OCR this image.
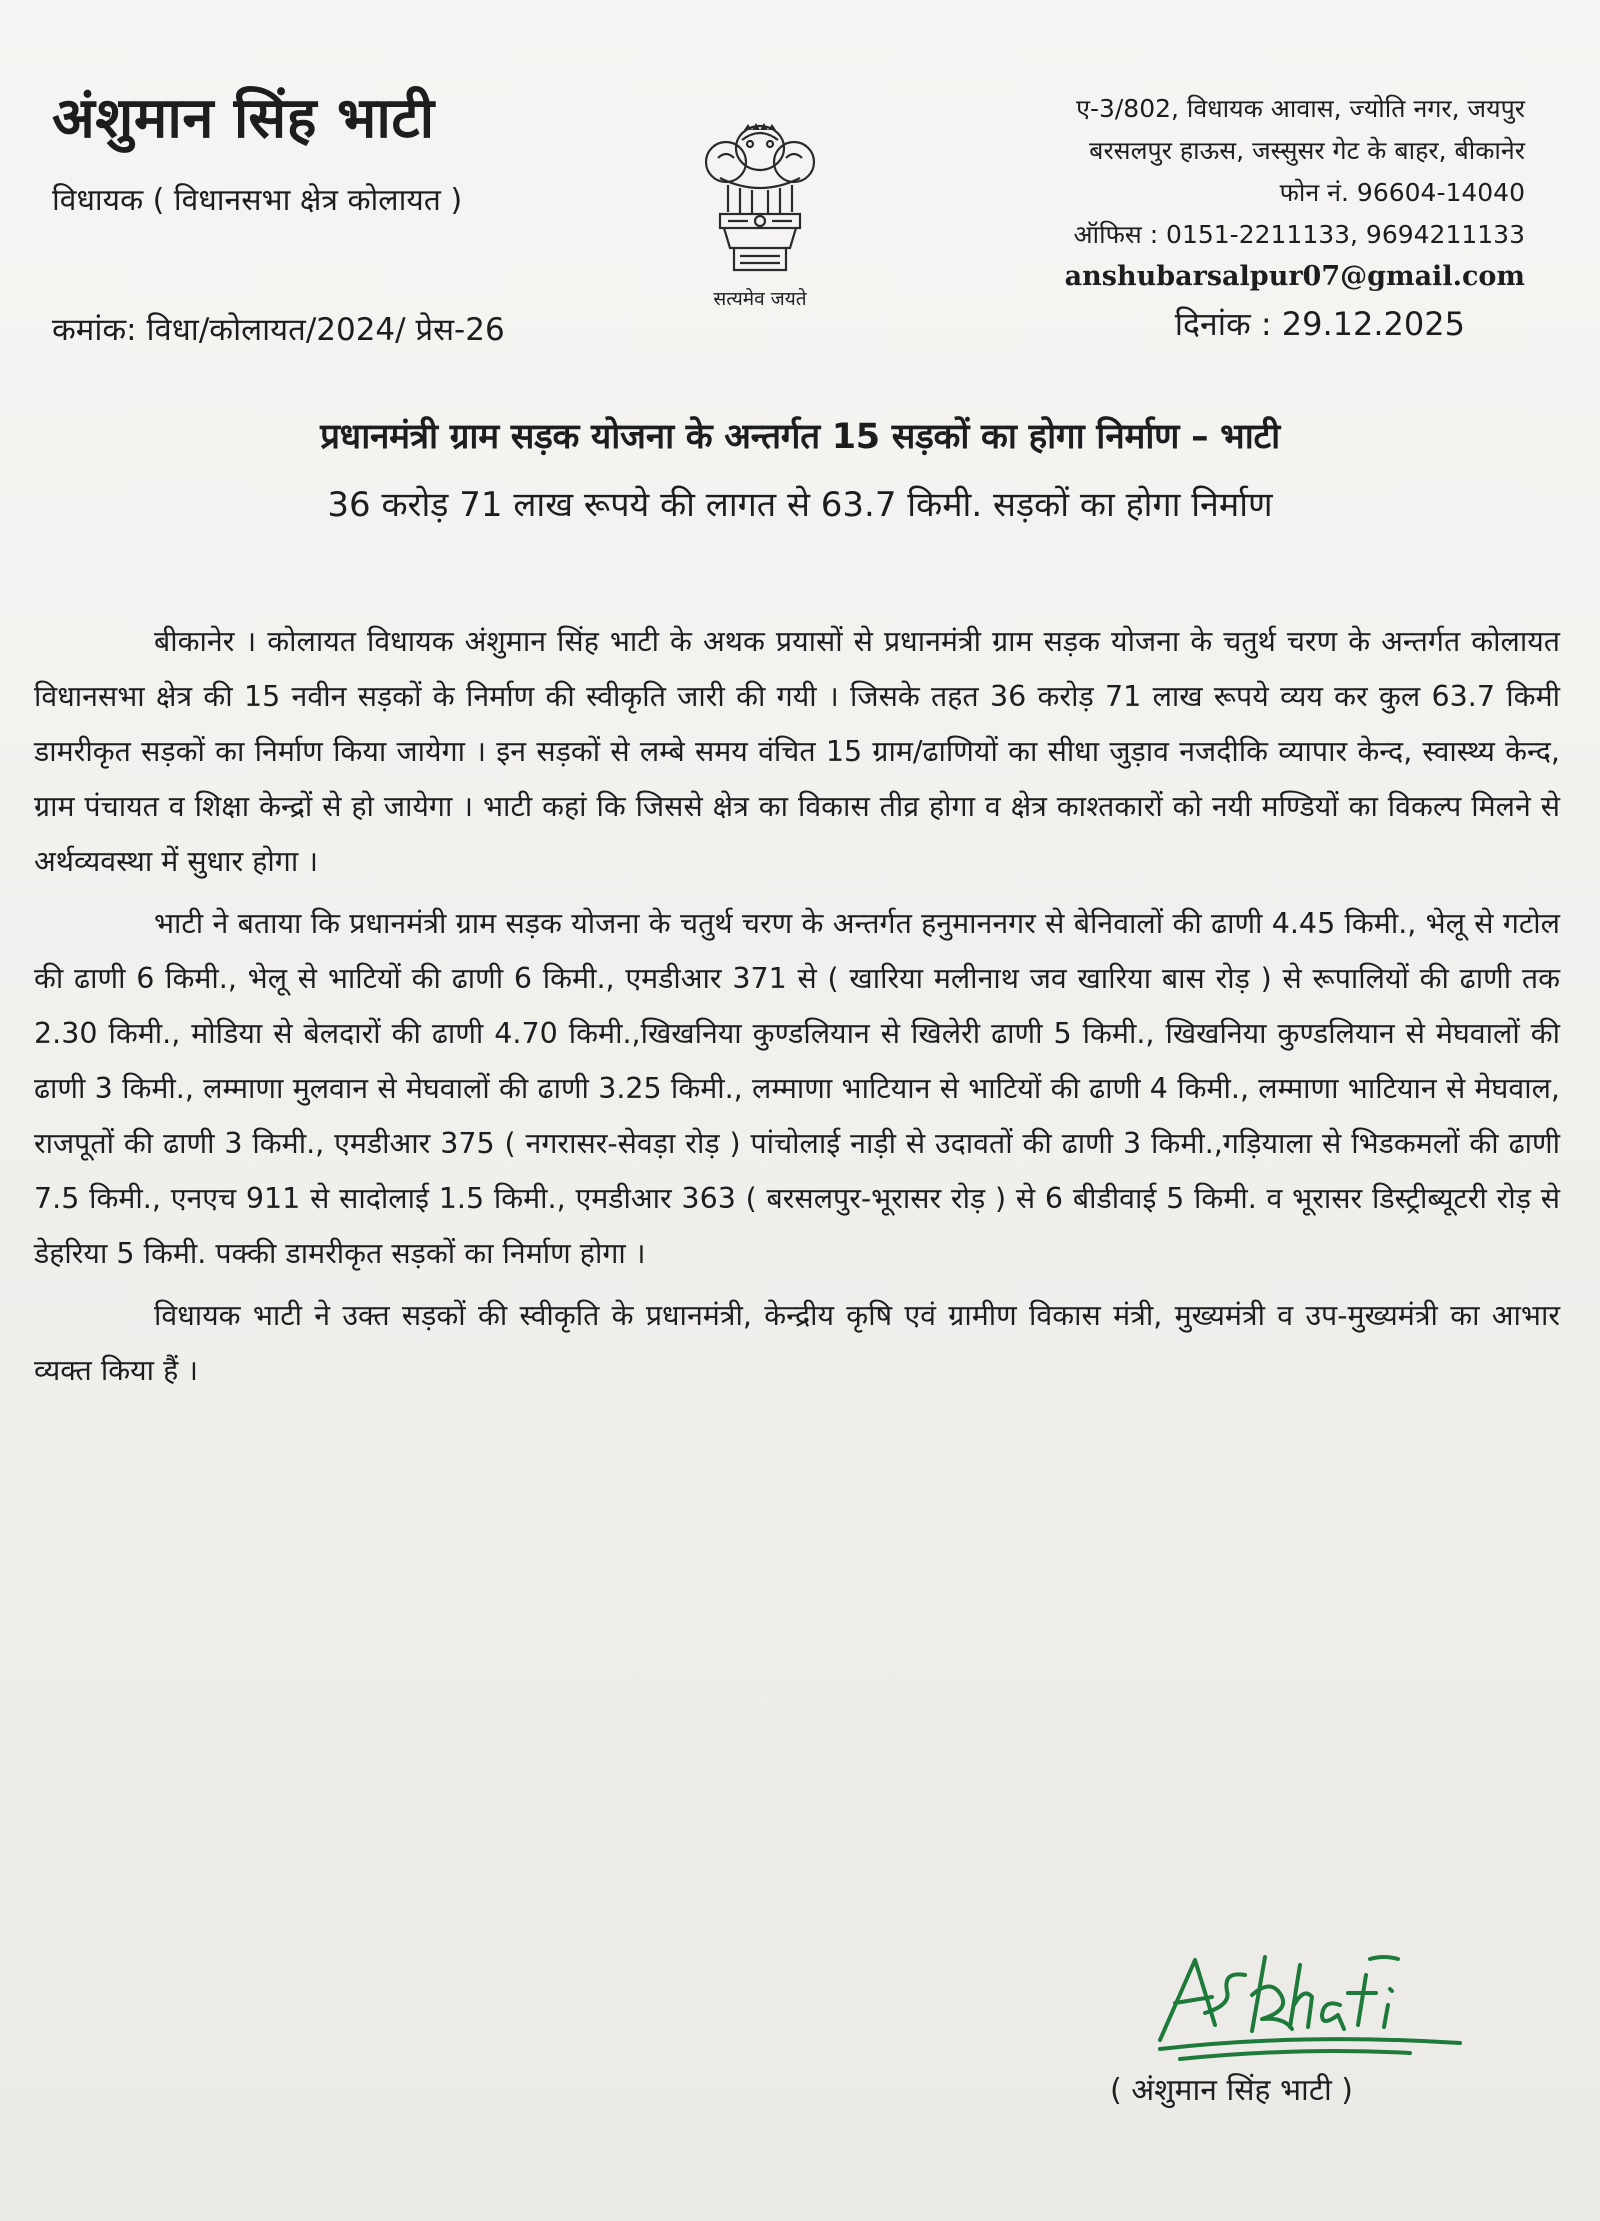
अंशुमान सिंह भाटी
विधायक ( विधानसभा क्षेत्र कोलायत )
कमांक: विधा/कोलायत/2024/ प्रेस-26
सत्यमेव जयते
ए-3/802, विधायक आवास, ज्योति नगर, जयपुर
बरसलपुर हाऊस, जस्सुसर गेट के बाहर, बीकानेर
फोन नं. 96604-14040
ऑफिस : 0151-2211133, 9694211133
anshubarsalpur07@gmail.com
दिनांक : 29.12.2025
प्रधानमंत्री ग्राम सड़क योजना के अन्तर्गत 15 सड़कों का होगा निर्माण – भाटी
36 करोड़ 71 लाख रूपये की लागत से 63.7 किमी. सड़कों का होगा निर्माण

बीकानेर । कोलायत विधायक अंशुमान सिंह भाटी के अथक प्रयासों से प्रधानमंत्री ग्राम सड़क योजना के चतुर्थ चरण के अन्तर्गत कोलायत विधानसभा क्षेत्र की 15 नवीन सड़कों के निर्माण की स्वीकृति जारी की गयी । जिसके तहत 36 करोड़ 71 लाख रूपये व्यय कर कुल 63.7 किमी डामरीकृत सड़कों का निर्माण किया जायेगा । इन सड़कों से लम्बे समय वंचित 15 ग्राम/ढाणियों का सीधा जुड़ाव नजदीकि व्यापार केन्द, स्वास्थ्य केन्द, ग्राम पंचायत व शिक्षा केन्द्रों से हो जायेगा । भाटी कहां कि जिससे क्षेत्र का विकास तीव्र होगा व क्षेत्र काश्तकारों को नयी मण्डियों का विकल्प मिलने से अर्थव्यवस्था में सुधार होगा ।

भाटी ने बताया कि प्रधानमंत्री ग्राम सड़क योजना के चतुर्थ चरण के अन्तर्गत हनुमाननगर से बेनिवालों की ढाणी 4.45 किमी., भेलू से गटोल की ढाणी 6 किमी., भेलू से भाटियों की ढाणी 6 किमी., एमडीआर 371 से ( खारिया मलीनाथ जव खारिया बास रोड़ ) से रूपालियों की ढाणी तक 2.30 किमी., मोडिया से बेलदारों की ढाणी 4.70 किमी.,खिखनिया कुण्डलियान से खिलेरी ढाणी 5 किमी., खिखनिया कुण्डलियान से मेघवालों की ढाणी 3 किमी., लम्माणा मुलवान से मेघवालों की ढाणी 3.25 किमी., लम्माणा भाटियान से भाटियों की ढाणी 4 किमी., लम्माणा भाटियान से मेघवाल, राजपूतों की ढाणी 3 किमी., एमडीआर 375 ( नगरासर-सेवड़ा रोड़ ) पांचोलाई नाड़ी से उदावतों की ढाणी 3 किमी.,गड़ियाला से भिडकमलों की ढाणी 7.5 किमी., एनएच 911 से सादोलाई 1.5 किमी., एमडीआर 363 ( बरसलपुर-भूरासर रोड़ ) से 6 बीडीवाई 5 किमी. व भूरासर डिस्ट्रीब्यूटरी रोड़ से डेहरिया 5 किमी. पक्की डामरीकृत सड़कों का निर्माण होगा ।

विधायक भाटी ने उक्त सड़कों की स्वीकृति के प्रधानमंत्री, केन्द्रीय कृषि एवं ग्रामीण विकास मंत्री, मुख्यमंत्री व उप-मुख्यमंत्री का आभार व्यक्त किया हैं ।

( अंशुमान सिंह भाटी )
